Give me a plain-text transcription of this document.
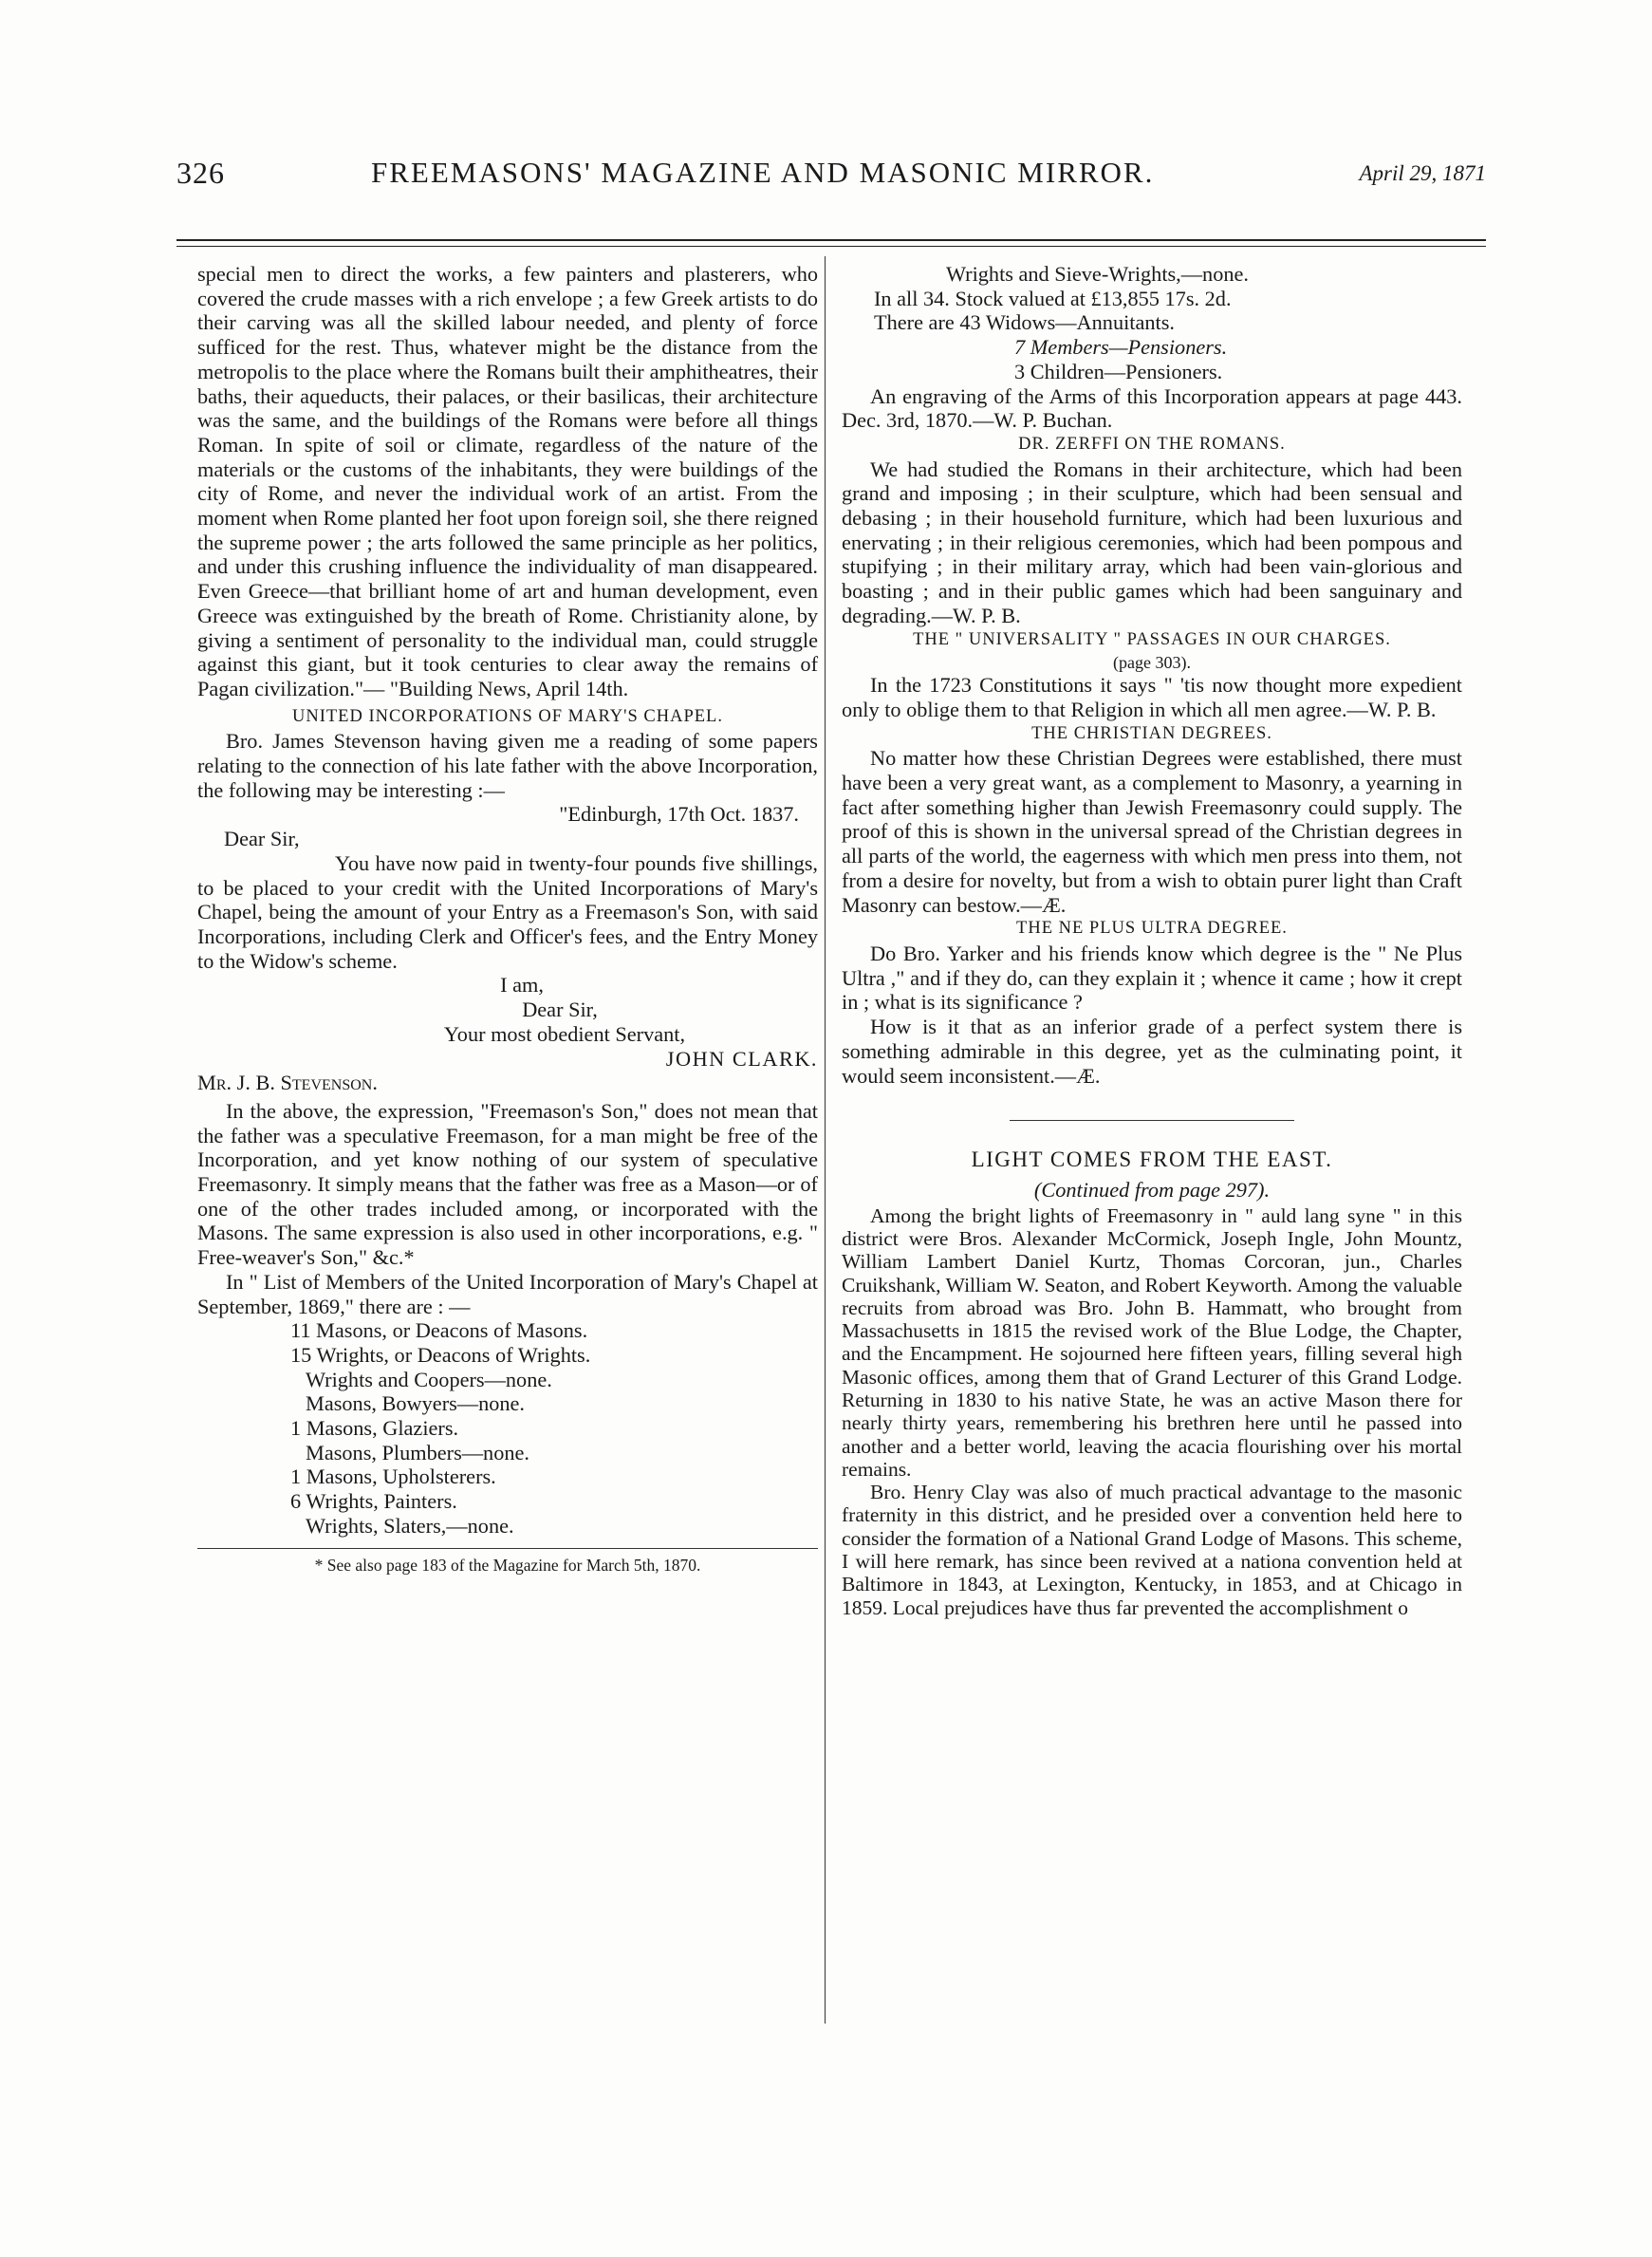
326	FREEMASONS' MAGAZINE AND MASONIC MIRROR.	April 29, 1871

special men to direct the works, a few painters and plasterers, who covered the crude masses with a rich envelope ; a few Greek artists to do their carving was all the skilled labour needed, and plenty of force sufficed for the rest. Thus, whatever might be the distance from the metropolis to the place where the Romans built their amphitheatres, their baths, their aqueducts, their palaces, or their basilicas, their architecture was the same, and the buildings of the Romans were before all things Roman. In spite of soil or climate, regardless of the nature of the materials or the customs of the inhabitants, they were buildings of the city of Rome, and never the individual work of an artist. From the moment when Rome planted her foot upon foreign soil, she there reigned the supreme power ; the arts followed the same principle as her politics, and under this crushing influence the individuality of man disappeared. Even Greece—that brilliant home of art and human development, even Greece was extinguished by the breath of Rome. Christianity alone, by giving a sentiment of personality to the individual man, could struggle against this giant, but it took centuries to clear away the remains of Pagan civilization."— "Building News, April 14th.

UNITED INCORPORATIONS OF MARY'S CHAPEL.

Bro. James Stevenson having given me a reading of some papers relating to the connection of his late father with the above Incorporation, the following may be interesting :—

"Edinburgh, 17th Oct. 1837.

Dear Sir,

You have now paid in twenty-four pounds five shillings, to be placed to your credit with the United Incorporations of Mary's Chapel, being the amount of your Entry as a Freemason's Son, with said Incorporations, including Clerk and Officer's fees, and the Entry Money to the Widow's scheme.

I am,

Dear Sir,

Your most obedient Servant,

JOHN CLARK.

Mr. J. B. Stevenson.

In the above, the expression, "Freemason's Son," does not mean that the father was a speculative Freemason, for a man might be free of the Incorporation, and yet know nothing of our system of speculative Freemasonry. It simply means that the father was free as a Mason—or of one of the other trades included among, or incorporated with the Masons. The same expression is also used in other incorporations, e.g. " Free-weaver's Son," &c.*

In " List of Members of the United Incorporation of Mary's Chapel at September, 1869," there are : —

11 Masons, or Deacons of Masons.

15 Wrights, or Deacons of Wrights.

Wrights and Coopers—none.

Masons, Bowyers—none.

1 Masons, Glaziers.

Masons, Plumbers—none.

1 Masons, Upholsterers.

6 Wrights, Painters.

Wrights, Slaters,—none.

* See also page 183 of the Magazine for March 5th, 1870.

Wrights and Sieve-Wrights,—none.

In all 34. Stock valued at £13,855 17s. 2d.

There are 43 Widows—Annuitants.

7 Members—Pensioners.

3 Children—Pensioners.

An engraving of the Arms of this Incorporation appears at page 443. Dec. 3rd, 1870.—W. P. Buchan.

DR. ZERFFI ON THE ROMANS.

We had studied the Romans in their architecture, which had been grand and imposing ; in their sculpture, which had been sensual and debasing ; in their household furniture, which had been luxurious and enervating ; in their religious ceremonies, which had been pompous and stupifying ; in their military array, which had been vain-glorious and boasting ; and in their public games which had been sanguinary and degrading.—W. P. B.

THE " UNIVERSALITY " PASSAGES IN OUR CHARGES.

(page 303).

In the 1723 Constitutions it says " 'tis now thought more expedient only to oblige them to that Religion in which all men agree.—W. P. B.

THE CHRISTIAN DEGREES.

No matter how these Christian Degrees were established, there must have been a very great want, as a complement to Masonry, a yearning in fact after something higher than Jewish Freemasonry could supply. The proof of this is shown in the universal spread of the Christian degrees in all parts of the world, the eagerness with which men press into them, not from a desire for novelty, but from a wish to obtain purer light than Craft Masonry can bestow.—Æ.

THE NE PLUS ULTRA DEGREE.

Do Bro. Yarker and his friends know which degree is the " Ne Plus Ultra ," and if they do, can they explain it ; whence it came ; how it crept in ; what is its significance ?

How is it that as an inferior grade of a perfect system there is something admirable in this degree, yet as the culminating point, it would seem inconsistent.—Æ.

LIGHT COMES FROM THE EAST.

(Continued from page 297).

Among the bright lights of Freemasonry in " auld lang syne " in this district were Bros. Alexander McCormick, Joseph Ingle, John Mountz, William Lambert Daniel Kurtz, Thomas Corcoran, jun., Charles Cruikshank, William W. Seaton, and Robert Keyworth. Among the valuable recruits from abroad was Bro. John B. Hammatt, who brought from Massachusetts in 1815 the revised work of the Blue Lodge, the Chapter, and the Encampment. He sojourned here fifteen years, filling several high Masonic offices, among them that of Grand Lecturer of this Grand Lodge. Returning in 1830 to his native State, he was an active Mason there for nearly thirty years, remembering his brethren here until he passed into another and a better world, leaving the acacia flourishing over his mortal remains.

Bro. Henry Clay was also of much practical advantage to the masonic fraternity in this district, and he presided over a convention held here to consider the formation of a National Grand Lodge of Masons. This scheme, I will here remark, has since been revived at a nationa convention held at Baltimore in 1843, at Lexington, Kentucky, in 1853, and at Chicago in 1859. Local prejudices have thus far prevented the accomplishment o
